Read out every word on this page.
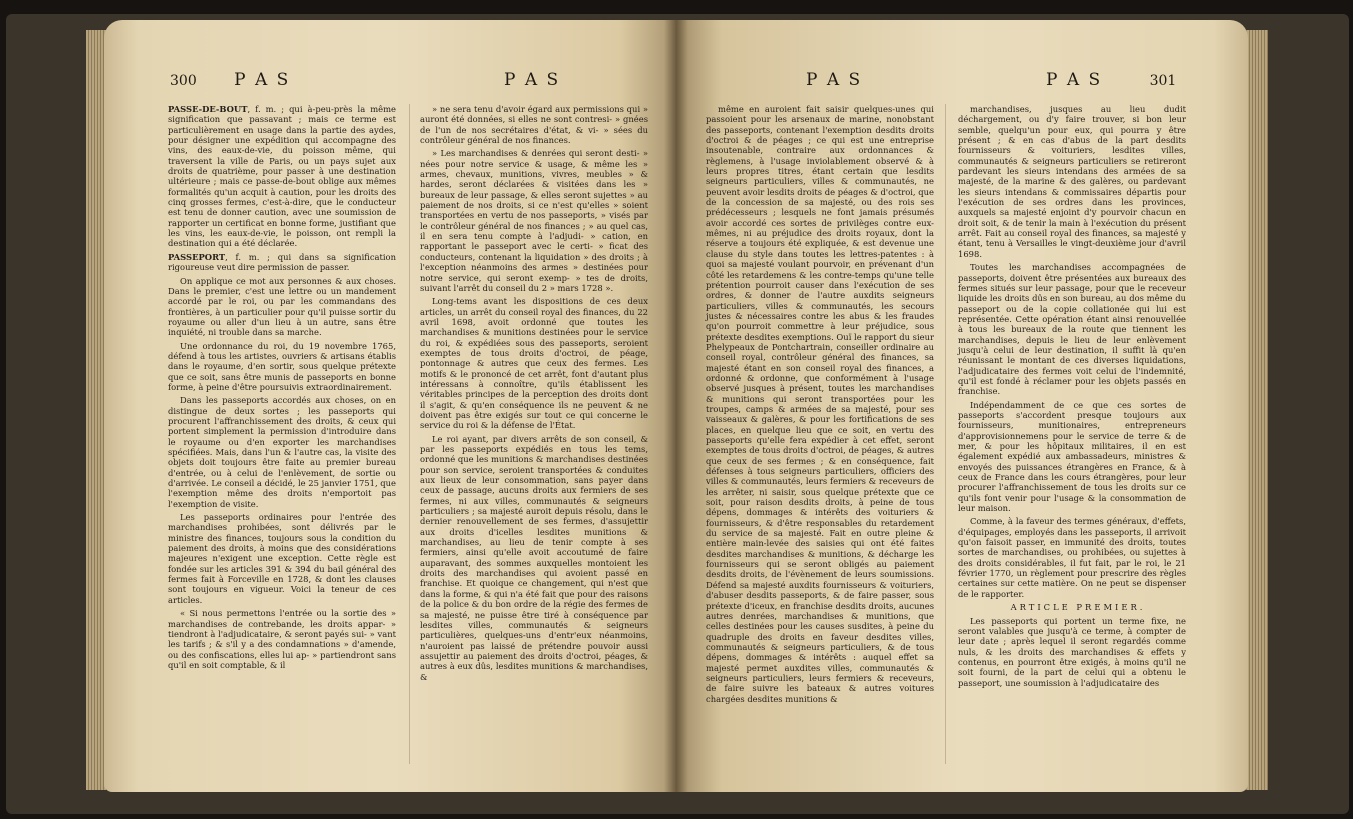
300 P A S	P A S

PASSE-DE-BOUT, f. m. ; qui à-peu-près la même signification que passavant ; mais ce terme est particulièrement en usage dans la partie des aydes, pour désigner une expédition qui accompagne des vins, des eaux-de-vie, du poisson même, qui traversent la ville de Paris, ou un pays sujet aux droits de quatrième, pour passer à une destination ultérieure ; mais ce passe-de-bout oblige aux mêmes formalités qu'un acquit à caution, pour les droits des cinq grosses fermes, c'est-à-dire, que le conducteur est tenu de donner caution, avec une soumission de rapporter un certificat en bonne forme, justifiant que les vins, les eaux-de-vie, le poisson, ont rempli la destination qui a été déclarée.

PASSEPORT, f. m. ; qui dans sa signification rigoureuse veut dire permission de passer.

On applique ce mot aux personnes & aux choses. Dans le premier, c'est une lettre ou un mandement accordé par le roi, ou par les commandans des frontières, à un particulier pour qu'il puisse sortir du royaume ou aller d'un lieu à un autre, sans être inquiété, ni trouble dans sa marche.

Une ordonnance du roi, du 19 novembre 1765, défend à tous les artistes, ouvriers & artisans établis dans le royaume, d'en sortir, sous quelque prétexte que ce soit, sans être munis de passeports en bonne forme, à peine d'être poursuivis extraordinairement.

Dans les passeports accordés aux choses, on en distingue de deux sortes ; les passeports qui procurent l'affranchissement des droits, & ceux qui portent simplement la permission d'introduire dans le royaume ou d'en exporter les marchandises spécifiées. Mais, dans l'un & l'autre cas, la visite des objets doit toujours être faite au premier bureau d'entrée, ou à celui de l'enlèvement, de sortie ou d'arrivée. Le conseil a décidé, le 25 janvier 1751, que l'exemption même des droits n'emportoit pas l'exemption de visite.

Les passeports ordinaires pour l'entrée des marchandises prohibées, sont délivrés par le ministre des finances, toujours sous la condition du paiement des droits, à moins que des considérations majeures n'exigent une exception. Cette règle est fondée sur les articles 391 & 394 du bail général des fermes fait à Forceville en 1728, & dont les clauses sont toujours en vigueur. Voici la teneur de ces articles.

« Si nous permettons l'entrée ou la sortie des » marchandises de contrebande, les droits appar- » tiendront à l'adjudicataire, & seront payés sui- » vant les tarifs ; & s'il y a des condamnations » d'amende, ou des confiscations, elles lui ap- » partiendront sans qu'il en soit comptable, & il

» ne sera tenu d'avoir égard aux permissions qui » auront été données, si elles ne sont contresi- » gnées de l'un de nos secrétaires d'état, & vi- » sées du contrôleur général de nos finances.

» Les marchandises & denrées qui seront desti- » nées pour notre service & usage, & même les » armes, chevaux, munitions, vivres, meubles » & hardes, seront déclarées & visitées dans les » bureaux de leur passage, & elles seront sujettes » au paiement de nos droits, si ce n'est qu'elles » soient transportées en vertu de nos passeports, » visés par le contrôleur général de nos finances ; » au quel cas, il en sera tenu compte à l'adjudi- » cation, en rapportant le passeport avec le certi- » ficat des conducteurs, contenant la liquidation » des droits ; à l'exception néanmoins des armes » destinées pour notre service, qui seront exemp- » tes de droits, suivant l'arrêt du conseil du 2 » mars 1728 ».

Long-tems avant les dispositions de ces deux articles, un arrêt du conseil royal des finances, du 22 avril 1698, avoit ordonné que toutes les marchandises & munitions destinées pour le service du roi, & expédiées sous des passeports, seroient exemptes de tous droits d'octroi, de péage, pontonnage & autres que ceux des fermes. Les motifs & le prononcé de cet arrêt, font d'autant plus intéressans à connoître, qu'ils établissent les véritables principes de la perception des droits dont il s'agit, & qu'en conséquence ils ne peuvent & ne doivent pas être exigés sur tout ce qui concerne le service du roi & la défense de l'État.

Le roi ayant, par divers arrêts de son conseil, & par les passeports expédiés en tous les tems, ordonné que les munitions & marchandises destinées pour son service, seroient transportées & conduites aux lieux de leur consommation, sans payer dans ceux de passage, aucuns droits aux fermiers de ses fermes, ni aux villes, communautés & seigneurs particuliers ; sa majesté auroit depuis résolu, dans le dernier renouvellement de ses fermes, d'assujettir aux droits d'icelles lesdites munitions & marchandises, au lieu de tenir compte à ses fermiers, ainsi qu'elle avoit accoutumé de faire auparavant, des sommes auxquelles montoient les droits des marchandises qui avoient passé en franchise. Et quoique ce changement, qui n'est que dans la forme, & qui n'a été fait que pour des raisons de la police & du bon ordre de la régie des fermes de sa majesté, ne puisse être tiré à conséquence par lesdites villes, communautés & seigneurs particulières, quelques-uns d'entr'eux néanmoins, n'auroient pas laissé de prétendre pouvoir aussi assujettir au paiement des droits d'octroi, péages, & autres à eux dûs, lesdites munitions & marchandises, &

P A S	P A S	301

même en auroient fait saisir quelques-unes qui passoient pour les arsenaux de marine, nonobstant des passeports, contenant l'exemption desdits droits d'octroi & de péages ; ce qui est une entreprise insoutenable, contraire aux ordonnances & règlemens, à l'usage inviolablement observé & à leurs propres titres, étant certain que lesdits seigneurs particuliers, villes & communautés, ne peuvent avoir lesdits droits de péages & d'octroi, que de la concession de sa majesté, ou des rois ses prédécesseurs ; lesquels ne font jamais présumés avoir accordé ces sortes de privilèges contre eux-mêmes, ni au préjudice des droits royaux, dont la réserve a toujours été expliquée, & est devenue une clause du style dans toutes les lettres-patentes : à quoi sa majesté voulant pourvoir, en prévenant d'un côté les retardemens & les contre-temps qu'une telle prétention pourroit causer dans l'exécution de ses ordres, & donner de l'autre auxdits seigneurs particuliers, villes & communautés, les secours justes & nécessaires contre les abus & les fraudes qu'on pourroit commettre à leur préjudice, sous prétexte desdites exemptions. Ouï le rapport du sieur Phelypeaux de Pontchartrain, conseiller ordinaire au conseil royal, contrôleur général des finances, sa majesté étant en son conseil royal des finances, a ordonné & ordonne, que conformément à l'usage observé jusques à présent, toutes les marchandises & munitions qui seront transportées pour les troupes, camps & armées de sa majesté, pour ses vaisseaux & galères, & pour les fortifications de ses places, en quelque lieu que ce soit, en vertu des passeports qu'elle fera expédier à cet effet, seront exemptes de tous droits d'octroi, de péages, & autres que ceux de ses fermes ; & en conséquence, fait défenses à tous seigneurs particuliers, officiers des villes & communautés, leurs fermiers & receveurs de les arrêter, ni saisir, sous quelque prétexte que ce soit, pour raison desdits droits, à peine de tous dépens, dommages & intérêts des voituriers & fournisseurs, & d'être responsables du retardement du service de sa majesté. Fait en outre pleine & entière main-levée des saisies qui ont été faites desdites marchandises & munitions, & décharge les fournisseurs qui se seront obligés au paiement desdits droits, de l'évènement de leurs soumissions. Défend sa majesté auxdits fournisseurs & voituriers, d'abuser desdits passeports, & de faire passer, sous prétexte d'iceux, en franchise desdits droits, aucunes autres denrées, marchandises & munitions, que celles destinées pour les causes susdites, à peine du quadruple des droits en faveur desdites villes, communautés & seigneurs particuliers, & de tous dépens, dommages & intérêts : auquel effet sa majesté permet auxdites villes, communautés & seigneurs particuliers, leurs fermiers & receveurs, de faire suivre les bateaux & autres voitures chargées desdites munitions &

marchandises, jusques au lieu dudit déchargement, ou d'y faire trouver, si bon leur semble, quelqu'un pour eux, qui pourra y être présent ; & en cas d'abus de la part desdits fournisseurs & voituriers, lesdites villes, communautés & seigneurs particuliers se retireront pardevant les sieurs intendans des armées de sa majesté, de la marine & des galères, ou pardevant les sieurs intendans & commissaires départis pour l'exécution de ses ordres dans les provinces, auxquels sa majesté enjoint d'y pourvoir chacun en droit soit, & de tenir la main à l'exécution du présent arrêt. Fait au conseil royal des finances, sa majesté y étant, tenu à Versailles le vingt-deuxième jour d'avril 1698.

Toutes les marchandises accompagnées de passeports, doivent être présentées aux bureaux des fermes situés sur leur passage, pour que le receveur liquide les droits dûs en son bureau, au dos même du passeport ou de la copie collationée qui lui est représentée. Cette opération étant ainsi renouvellée à tous les bureaux de la route que tiennent les marchandises, depuis le lieu de leur enlèvement jusqu'à celui de leur destination, il suffit là qu'en réunissant le montant de ces diverses liquidations, l'adjudicataire des fermes voit celui de l'indemnité, qu'il est fondé à réclamer pour les objets passés en franchise.

Indépendamment de ce que ces sortes de passeports s'accordent presque toujours aux fournisseurs, munitionaires, entrepreneurs d'approvisionnemens pour le service de terre & de mer, & pour les hôpitaux militaires, il en est également expédié aux ambassadeurs, ministres & envoyés des puissances étrangères en France, & à ceux de France dans les cours étrangères, pour leur procurer l'affranchissement de tous les droits sur ce qu'ils font venir pour l'usage & la consommation de leur maison.

Comme, à la faveur des termes généraux, d'effets, d'équipages, employés dans les passeports, il arrivoit qu'on faisoit passer, en immunité des droits, toutes sortes de marchandises, ou prohibées, ou sujettes à des droits considérables, il fut fait, par le roi, le 21 février 1770, un règlement pour prescrire des règles certaines sur cette matière. On ne peut se dispenser de le rapporter.

ARTICLE PREMIER.

Les passeports qui portent un terme fixe, ne seront valables que jusqu'à ce terme, à compter de leur date ; après lequel il seront regardés comme nuls, & les droits des marchandises & effets y contenus, en pourront être exigés, à moins qu'il ne soit fourni, de la part de celui qui a obtenu le passeport, une soumission à l'adjudicataire des
